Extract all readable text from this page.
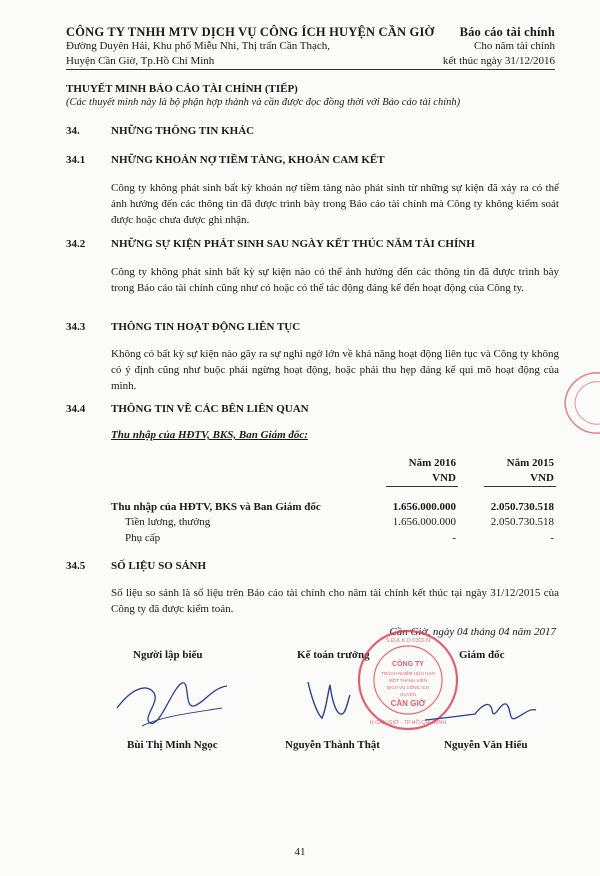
CÔNG TY TNHH MTV DỊCH VỤ CÔNG ÍCH HUYỆN CẦN GIỜ
Đường Duyên Hải, Khu phố Miễu Nhì, Thị trấn Cần Thạch,
Huyện Cần Giờ, Tp.Hồ Chí Minh
Báo cáo tài chính
Cho năm tài chính
kết thúc ngày 31/12/2016
THUYẾT MINH BÁO CÁO TÀI CHÍNH (TIẾP)
(Các thuyết minh này là bộ phận hợp thành và cần được đọc đồng thời với Báo cáo tài chính)
34.	NHỮNG THÔNG TIN KHÁC
34.1 NHỮNG KHOẢN NỢ TIỀM TÀNG, KHOẢN CAM KẾT
Công ty không phát sinh bất kỳ khoản nợ tiềm tàng nào phát sinh từ những sự kiện đã xảy ra có thể ảnh hưởng đến các thông tin đã được trình bày trong Báo cáo tài chính mà Công ty không kiểm soát được hoặc chưa được ghi nhận.
34.2 NHỮNG SỰ KIỆN PHÁT SINH SAU NGÀY KẾT THÚC NĂM TÀI CHÍNH
Công ty không phát sinh bất kỳ sự kiện nào có thể ảnh hưởng đến các thông tin đã được trình bày trong Báo cáo tài chính cũng như có hoặc có thể tác động đáng kể đến hoạt động của Công ty.
34.3 THÔNG TIN HOẠT ĐỘNG LIÊN TỤC
Không có bất kỳ sự kiện nào gây ra sự nghi ngờ lớn về khả năng hoạt động liên tục và Công ty không có ý định cũng như buộc phải ngừng hoạt động, hoặc phải thu hẹp đáng kể qui mô hoạt động của mình.
34.4 THÔNG TIN VỀ CÁC BÊN LIÊN QUAN
Thu nhập của HĐTV, BKS, Ban Giám đốc:
Năm 2016
VND
Năm 2015
VND
Thu nhập của HĐTV, BKS và Ban Giám đốc	1.656.000.000	2.050.730.518
Tiền lương, thưởng	1.656.000.000	2.050.730.518
Phụ cấp	-	-
34.5 SỐ LIỆU SO SÁNH
Số liệu so sánh là số liệu trên Báo cáo tài chính cho năm tài chính kết thúc tại ngày 31/12/2015 của Công ty đã được kiểm toán.
Cần Giờ, ngày 04 tháng 04 năm 2017
Người lập biểu	Kế toán trưởng	Giám đốc
CÔNG TY
TRÁCH NHIỆM HỮU HẠN
MỘT THÀNH VIÊN
DỊCH VỤ CÔNG ÍCH
HUYỆN
CẦN GIỜ
S.Đ.K.K.D 0302.N
H.CẦN GIỜ - TP.HỒ CHÍ MINH
Bùi Thị Minh Ngọc	Nguyễn Thành Thật	Nguyễn Văn Hiếu
41
